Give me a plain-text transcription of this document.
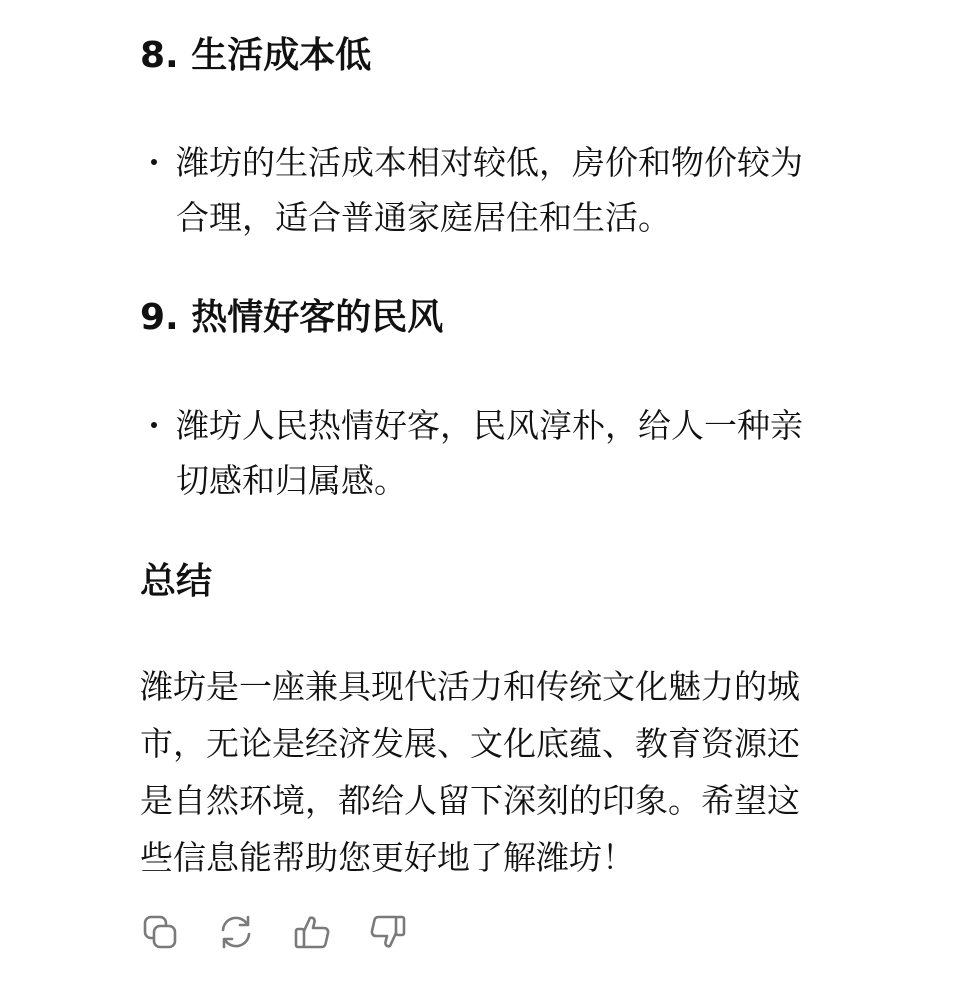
8. 生活成本低
潍坊的生活成本相对较低，房价和物价较为
合理，适合普通家庭居住和生活。
9. 热情好客的民风
潍坊人民热情好客，民风淳朴，给人一种亲
切感和归属感。
总结
潍坊是一座兼具现代活力和传统文化魅力的城
市，无论是经济发展、文化底蕴、教育资源还
是自然环境，都给人留下深刻的印象。希望这
些信息能帮助您更好地了解潍坊！
